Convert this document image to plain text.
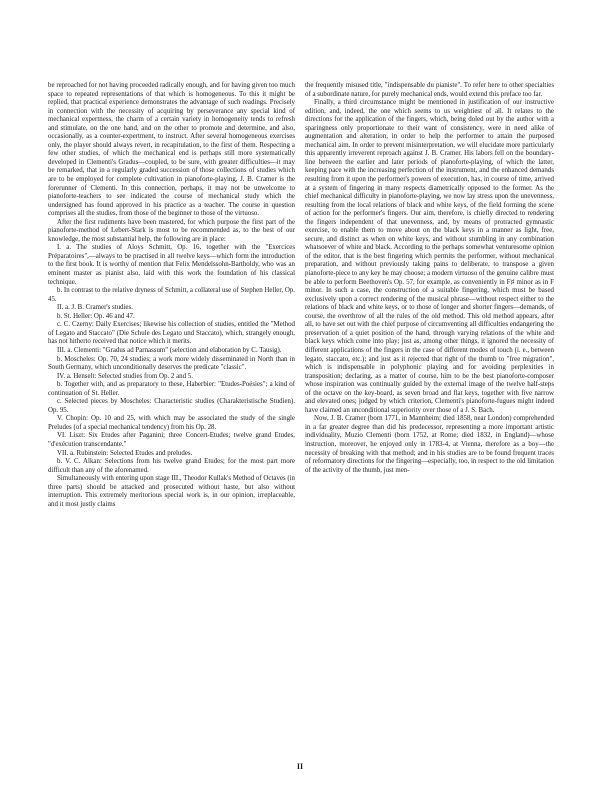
be reproached for not having proceeded radically enough, and for having given too much space to repeated representations of that which is homogeneous. To this it might be replied, that practical experience demonstrates the advantage of such readings. Precisely in connection with the necessity of acquiring by perseverance any special kind of mechanical expertness, the charm of a certain variety in homogeneity tends to refresh and stimulate, on the one hand, and on the other to promote and determine, and also, occasionally, as a counter-expertment, to instruct. After several homogeneous exercises only, the player should always revert, in recapitulation, to the first of them. Respecting a few other studies, of which the mechanical end is perhaps still more systematically developed in Clementi's Gradus—coupled, to be sure, with greater difficulties—it may be remarked, that in a regularly graded succession of those collections of studies which are to be employed for complete cultivation in pianoforte-playing, J. B. Cramer is the forerunner of Clementi. In this connection, perhaps, it may not be unwelcome to pianoforte-teachers to see indicated the course of mechanical study which the undersigned has found approved in his practice as a teacher. The course in question comprises all the studies, from those of the beginner to those of the virtuoso.

After the first rudiments have been mastered, for which purpose the first part of the pianoforte-method of Lebert-Stark is most to be recommended as, to the best of our knowledge, the most substantial help, the following are in place:

I. a. The studies of Aloys Schmitt, Op. 16, together with the "Exercices Préparatoires",—always to be practised in all twelve keys—which form the introduction to the first book. It is worthy of mention that Felix Mendelssohn-Bartholdy, who was an eminent master as pianist also, laid with this work the foundation of his classical technique.

b. In contrast to the relative dryness of Schmitt, a collateral use of Stephen Heller, Op. 45.

II. a. J. B. Cramer's studies.

b. St. Heller: Op. 46 and 47.

c. C. Czerny: Daily Exercises; likewise his collection of studies, entitled the "Method of Legato and Staccato" (Die Schule des Legato und Staccato), which, strangely enough, has not hitherto received that notice which it merits.

III. a. Clementi: "Gradus ad Parnassum" (selection and elaboration by C. Tausig).

b. Moscheles: Op. 70, 24 studies; a work more widely disseminated in North than in South Germany, which unconditionally deserves the predicate "classic".

IV. a. Henselt: Selected studies from Op. 2 and 5.

b. Together with, and as preparatory to these, Haberbier: "Etudes-Poésies"; a kind of continuation of St. Heller.

c. Selected pieces by Moscheles: Characteristic studies (Charakteristische Studien). Op. 95.

V. Chopin: Op. 10 and 25, with which may be associated the study of the single Preludes (of a special mechanical tendency) from his Op. 28.

VI. Liszt: Six Etudes after Paganini; three Concert-Etudes; twelve grand Etudes, "d'exécution transcendante."

VII. a. Rubinstein: Selected Etudes and preludes.

b. V. C. Alkan: Selections from his twelve grand Etudes; for the most part more difficult than any of the aforenamed.

Simultaneously with entering upon stage III., Theodor Kullak's Method of Octaves (in three parts) should be attacked and prosecuted without haste, but also without interruption. This extremely meritorious special work is, in our opinion, irreplaceable, and it most justly claims

the frequently misused title, "indispensable du pianiste". To refer here to other specialties of a subordinate nature, for purely mechanical ends, would extend this preface too far.

Finally, a third circumstance might be mentioned in justification of our instructive edition, and, indeed, the one which seems to us weightiest of all. It relates to the directions for the application of the fingers, which, being doled out by the author with a sparingness only proportionate to their want of consistency, were in need alike of augmentation and alteration, in order to help the performer to attain the purposed mechanical aim. In order to prevent misinterpretation, we will elucidate more particularly this apparently irreverent reproach against J. B. Cramer. His labors fell on the boundary-line between the earlier and later periods of pianoforte-playing, of which the latter, keeping pace with the increasing perfection of the instrument, and the enhanced demands resulting from it upon the performer's powers of execution, has, in course of time, arrived at a system of fingering in many respects diametrically opposed to the former. As the chief mechanical difficulty in pianoforte-playing, we now lay stress upon the unevenness, resulting from the local relations of black and white keys, of the field forming the scene of action for the performer's fingers. Our aim, therefore, is chiefly directed to rendering the fingers independent of that unevenness, and, by means of protracted gymnastic exercise, to enable them to move about on the black keys in a manner as light, free, secure, and distinct as when on white keys, and without stumbling in any combination whatsoever of white and black. According to the perhaps somewhat venturesome opinion of the editor, that is the best fingering which permits the performer, without mechanical preparation, and without previously taking pains to deliberate, to transpose a given pianoforte-piece to any key he may choose; a modern virtuoso of the genuine calibre must be able to perform Beethoven's Op. 57, for example, as conveniently in F♯ minor as in F minor. In such a case, the construction of a suitable fingering, which must be based exclusively upon a correct rendering of the musical phrase—without respect either to the relations of black and white keys, or to those of longer and shorter fingers—demands, of course, the overthrow of all the rules of the old method. This old method appears, after all, to have set out with the chief purpose of circumventing all difficulties endangering the preservation of a quiet position of the hand, through varying relations of the white and black keys which come into play; just as, among other things, it ignored the necessity of different applications of the fingers in the case of different modes of touch (i. e., between legato, staccato, etc.); and just as it rejected that right of the thumb to "free migration", which is indispensable in polyphonic playing and for avoiding perplexities in transposition; declaring, as a matter of course, him to be the best pianoforte-composer whose inspiration was continually guided by the external image of the twelve half-steps of the octave on the key-board, as seven broad and flat keys, together with five narrow and elevated ones; judged by which criterion, Clementi's pianoforte-fugues might indeed have claimed an unconditional superiority over those of a J. S. Bach.

Now, J. B. Cramer (born 1771, in Mannheim; died 1858, near London) comprehended in a far greater degree than did his predecessor, representing a more important artistic individuality, Muzio Clementi (born 1752, at Rome; died 1832, in England)—whose instruction, moreover, he enjoyed only in 1783-4, at Vienna, therefore as a boy—the necessity of breaking with that method; and in his studies are to be found frequent traces of reformatory directions for the fingering—especially, too, in respect to the old limitation of the activity of the thumb, just men-

II
